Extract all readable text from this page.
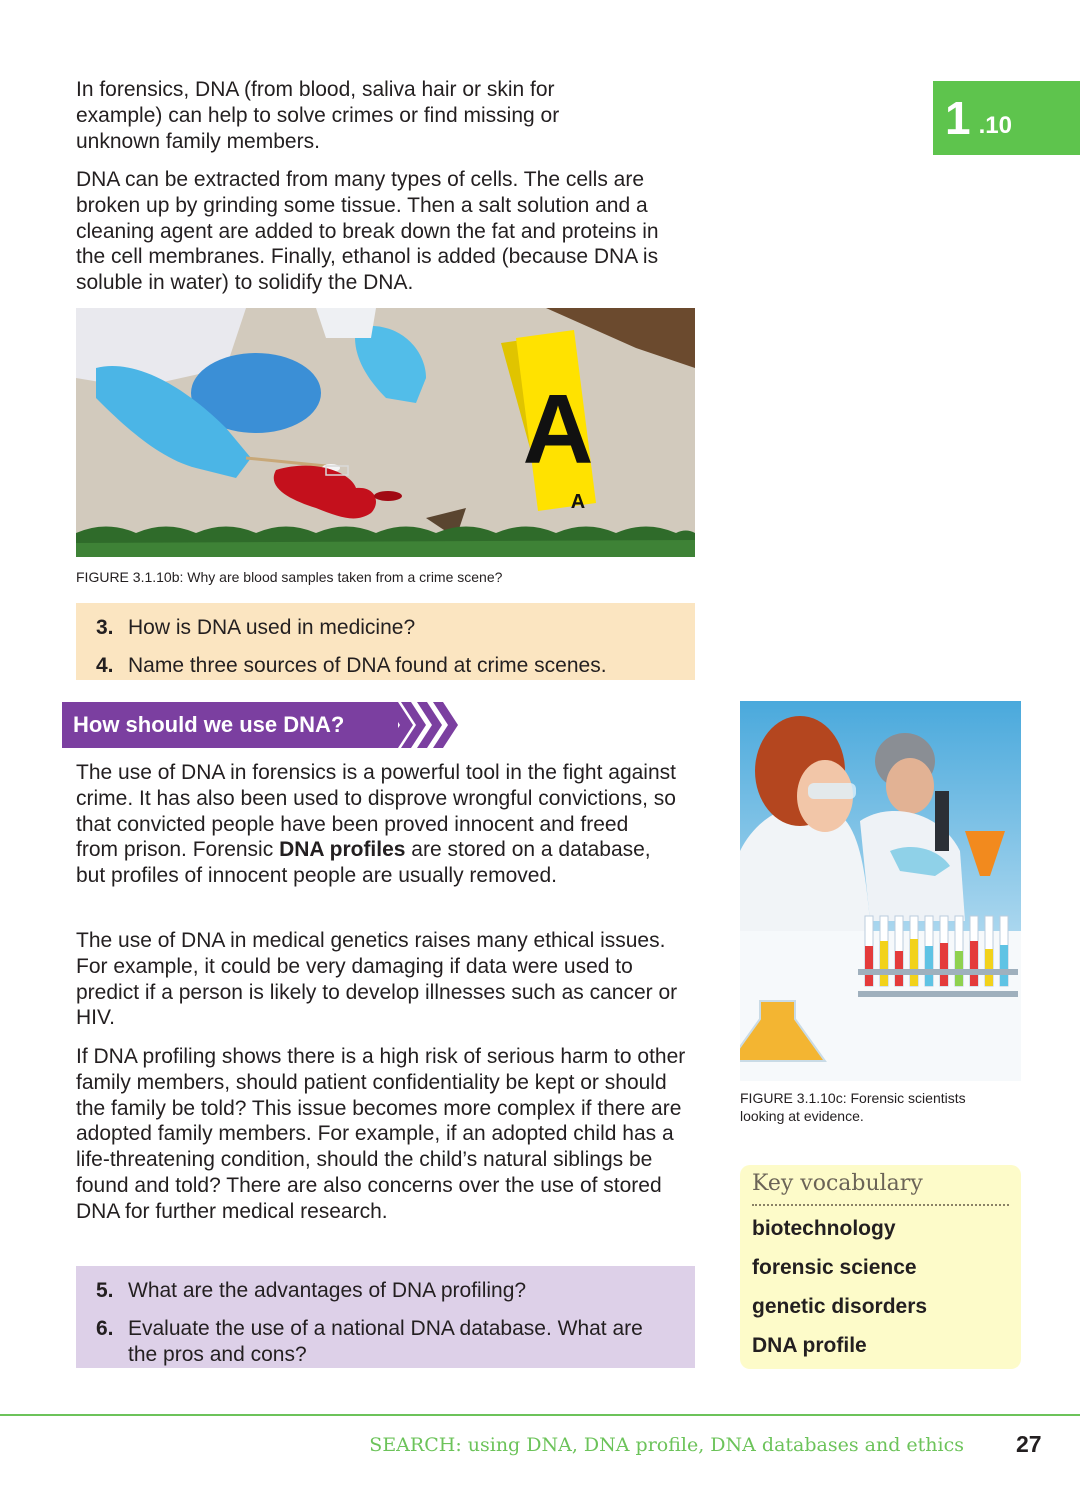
1 .10

In forensics, DNA (from blood, saliva hair or skin for example) can help to solve crimes or find missing or unknown family members.

DNA can be extracted from many types of cells. The cells are broken up by grinding some tissue. Then a salt solution and a cleaning agent are added to break down the fat and proteins in the cell membranes. Finally, ethanol is added (because DNA is soluble in water) to solidify the DNA.

A
A
FIGURE 3.1.10b: Why are blood samples taken from a crime scene?
3. How is DNA used in medicine?
4. Name three sources of DNA found at crime scenes.
How should we use DNA?

The use of DNA in forensics is a powerful tool in the fight against crime. It has also been used to disprove wrongful convictions, so that convicted people have been proved innocent and freed from prison. Forensic DNA profiles are stored on a database, but profiles of innocent people are usually removed.

The use of DNA in medical genetics raises many ethical issues. For example, it could be very damaging if data were used to predict if a person is likely to develop illnesses such as cancer or HIV.

If DNA profiling shows there is a high risk of serious harm to other family members, should patient confidentiality be kept or should the family be told? This issue becomes more complex if there are adopted family members. For example, if an adopted child has a life-threatening condition, should the child’s natural siblings be found and told? There are also concerns over the use of stored DNA for further medical research.

5. What are the advantages of DNA profiling?
6. Evaluate the use of a national DNA database. What are the pros and cons?
FIGURE 3.1.10c: Forensic scientists looking at evidence.
Key vocabulary
biotechnology
forensic science
genetic disorders
DNA profile
SEARCH: using DNA, DNA profile, DNA databases and ethics 27
